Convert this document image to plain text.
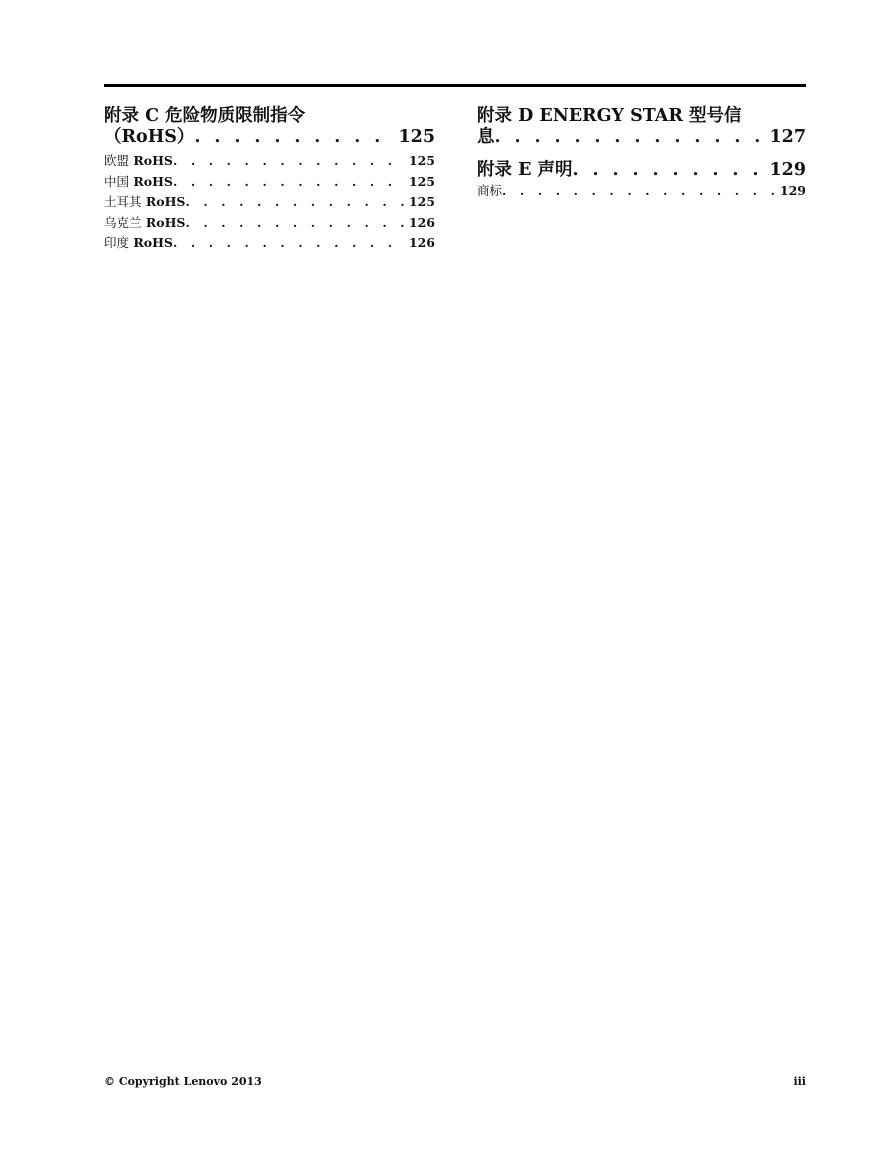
附录 C 危险物质限制指令
（RoHS） . . .	125
欧盟 RoHS . . .	125
中国 RoHS . . .	125
土耳其 RoHS . . .	125
乌克兰 RoHS . . .	126
印度 RoHS . . .	126
附录 D ENERGY STAR 型号信
息 . . .	127
附录 E 声明 . . .	129
商标 . . .	129
© Copyright Lenovo 2013	iii
